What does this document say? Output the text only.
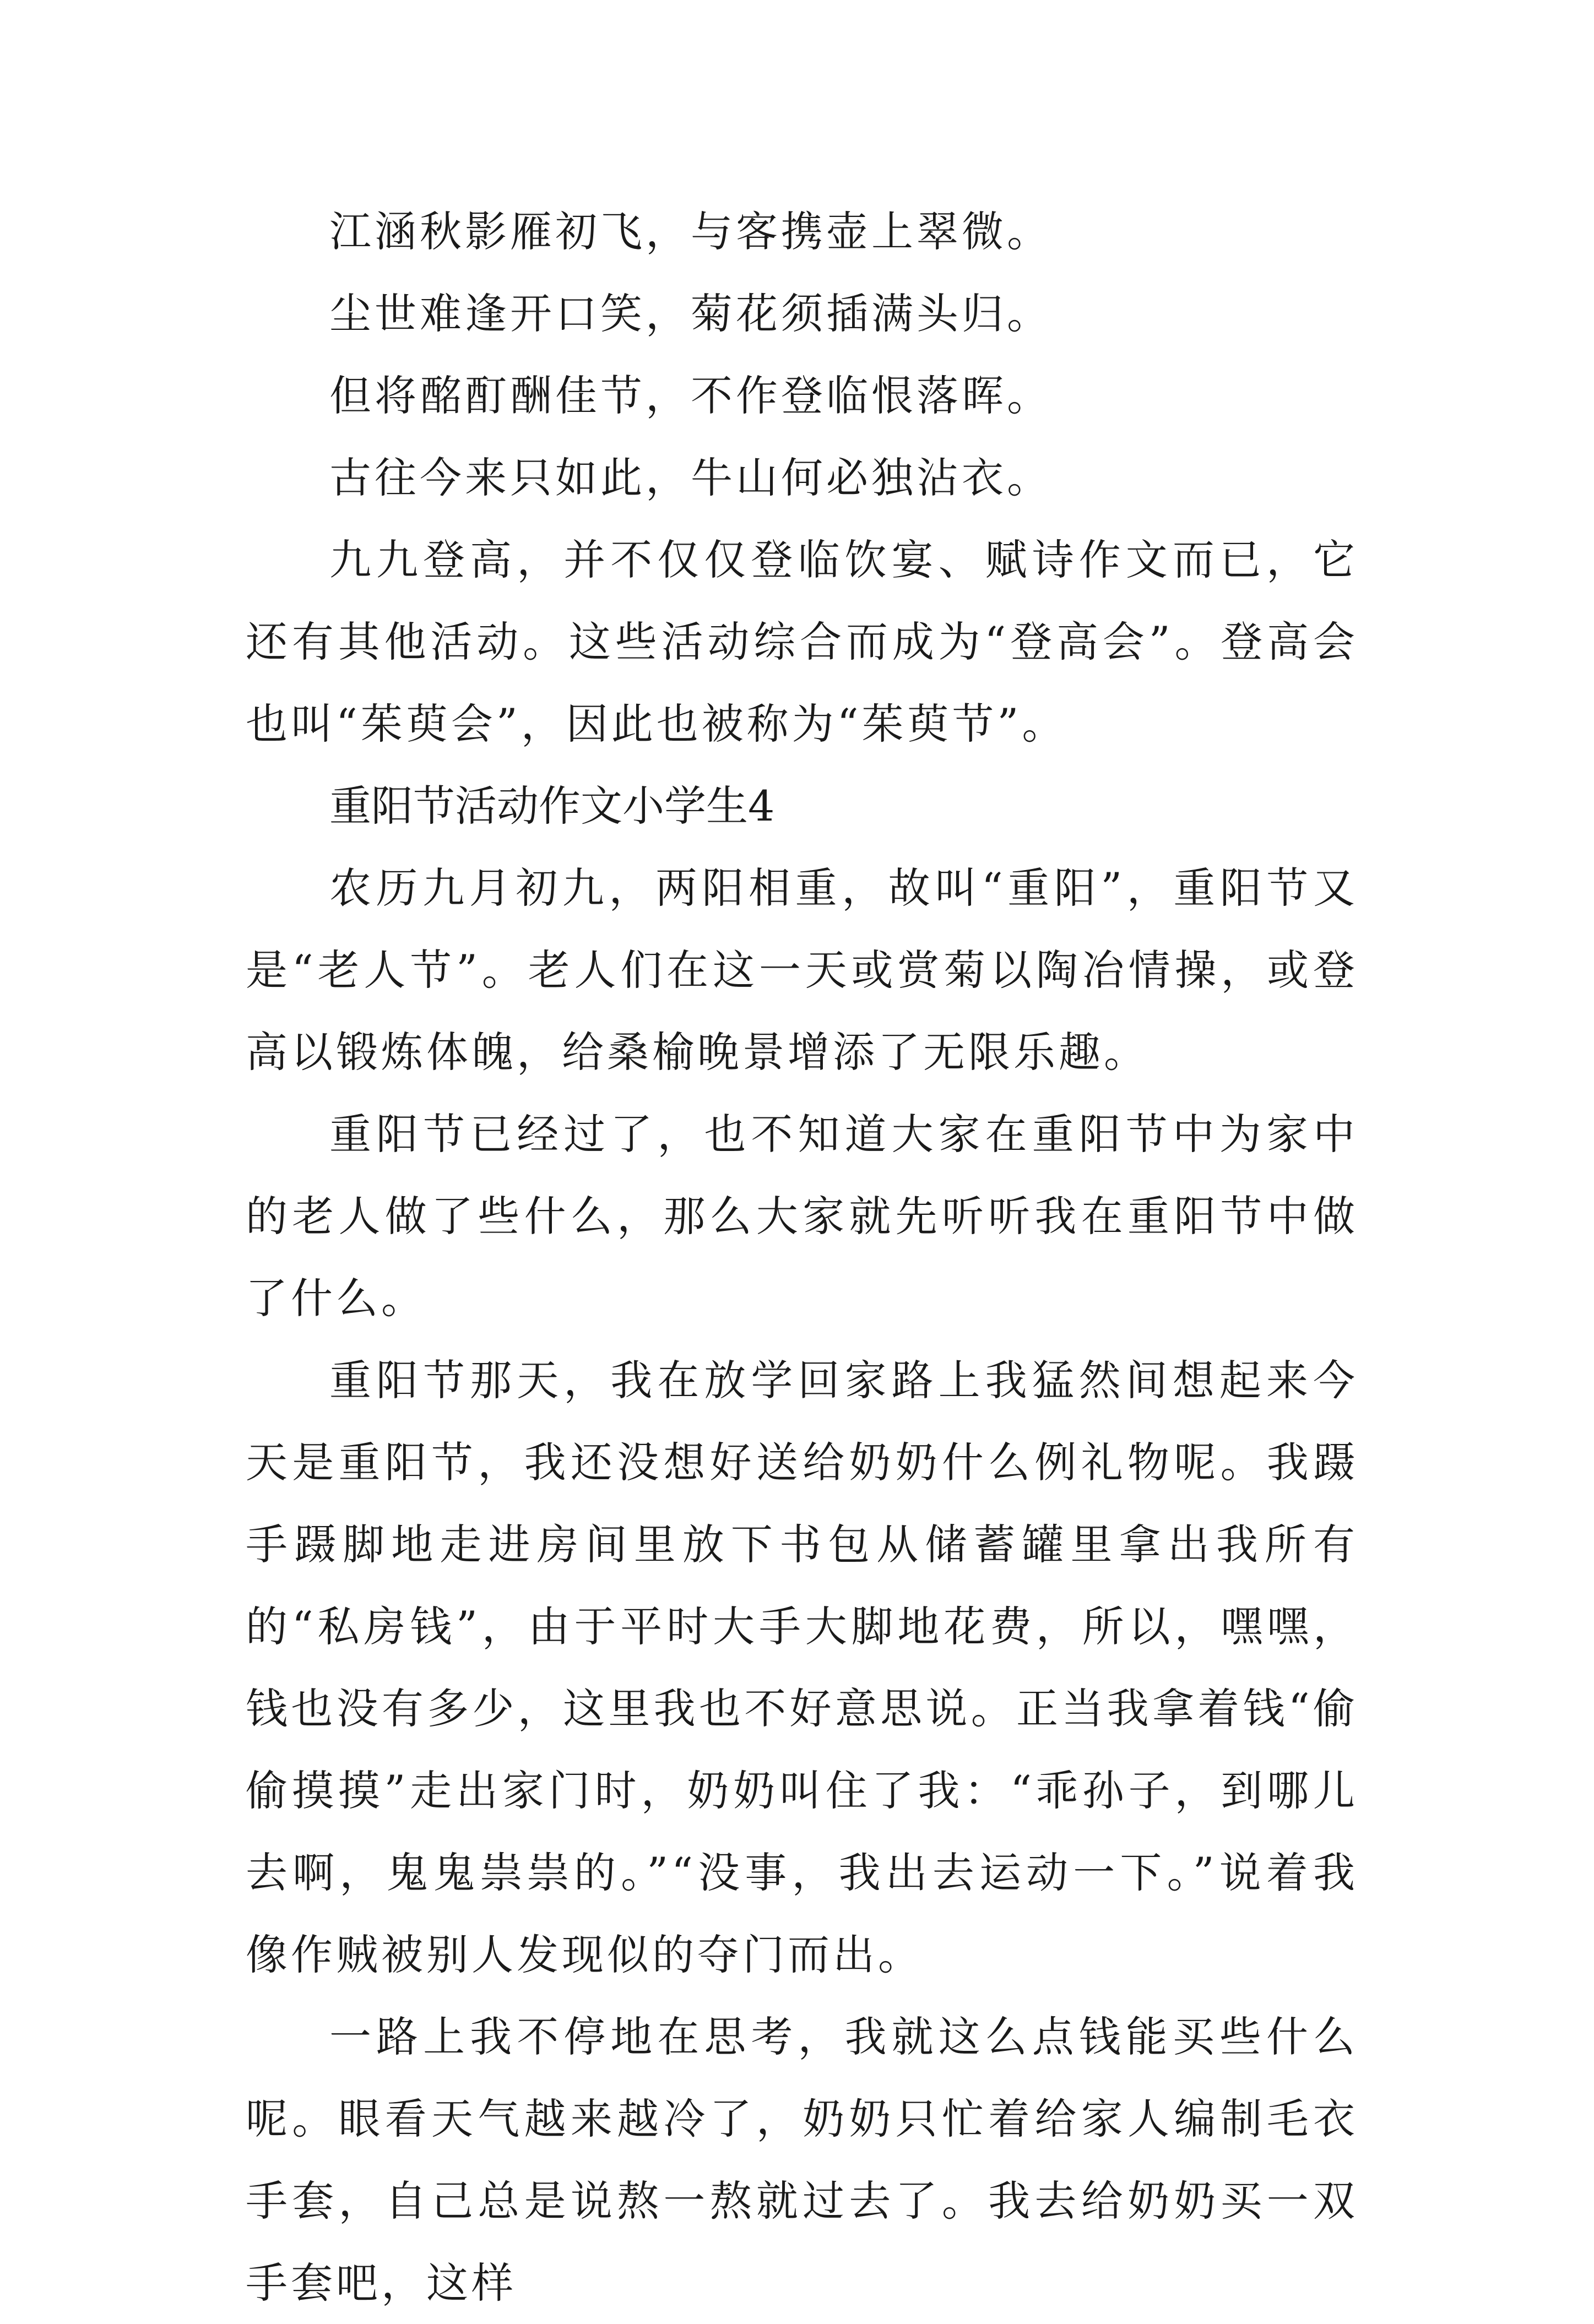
江涵秋影雁初飞，与客携壶上翠微。

尘世难逢开口笑，菊花须插满头归。

但将酩酊酬佳节，不作登临恨落晖。

古往今来只如此，牛山何必独沾衣。

九九登高，并不仅仅登临饮宴、赋诗作文而已，它还有其他活动。这些活动综合而成为“登高会”。登高会也叫“茱萸会”，因此也被称为“茱萸节”。

重阳节活动作文小学生4

农历九月初九，两阳相重，故叫“重阳”，重阳节又是“老人节”。老人们在这一天或赏菊以陶冶情操，或登高以锻炼体魄，给桑榆晚景增添了无限乐趣。

重阳节已经过了，也不知道大家在重阳节中为家中的老人做了些什么，那么大家就先听听我在重阳节中做了什么。

重阳节那天，我在放学回家路上我猛然间想起来今天是重阳节，我还没想好送给奶奶什么例礼物呢。我蹑手蹑脚地走进房间里放下书包从储蓄罐里拿出我所有的“私房钱”，由于平时大手大脚地花费，所以，嘿嘿，钱也没有多少，这里我也不好意思说。正当我拿着钱“偷偷摸摸”走出家门时，奶奶叫住了我：“乖孙子，到哪儿去啊，鬼鬼祟祟的。”“没事，我出去运动一下。”说着我像作贼被别人发现似的夺门而出。

一路上我不停地在思考，我就这么点钱能买些什么呢。眼看天气越来越冷了，奶奶只忙着给家人编制毛衣手套，自己总是说熬一熬就过去了。我去给奶奶买一双手套吧，这样
